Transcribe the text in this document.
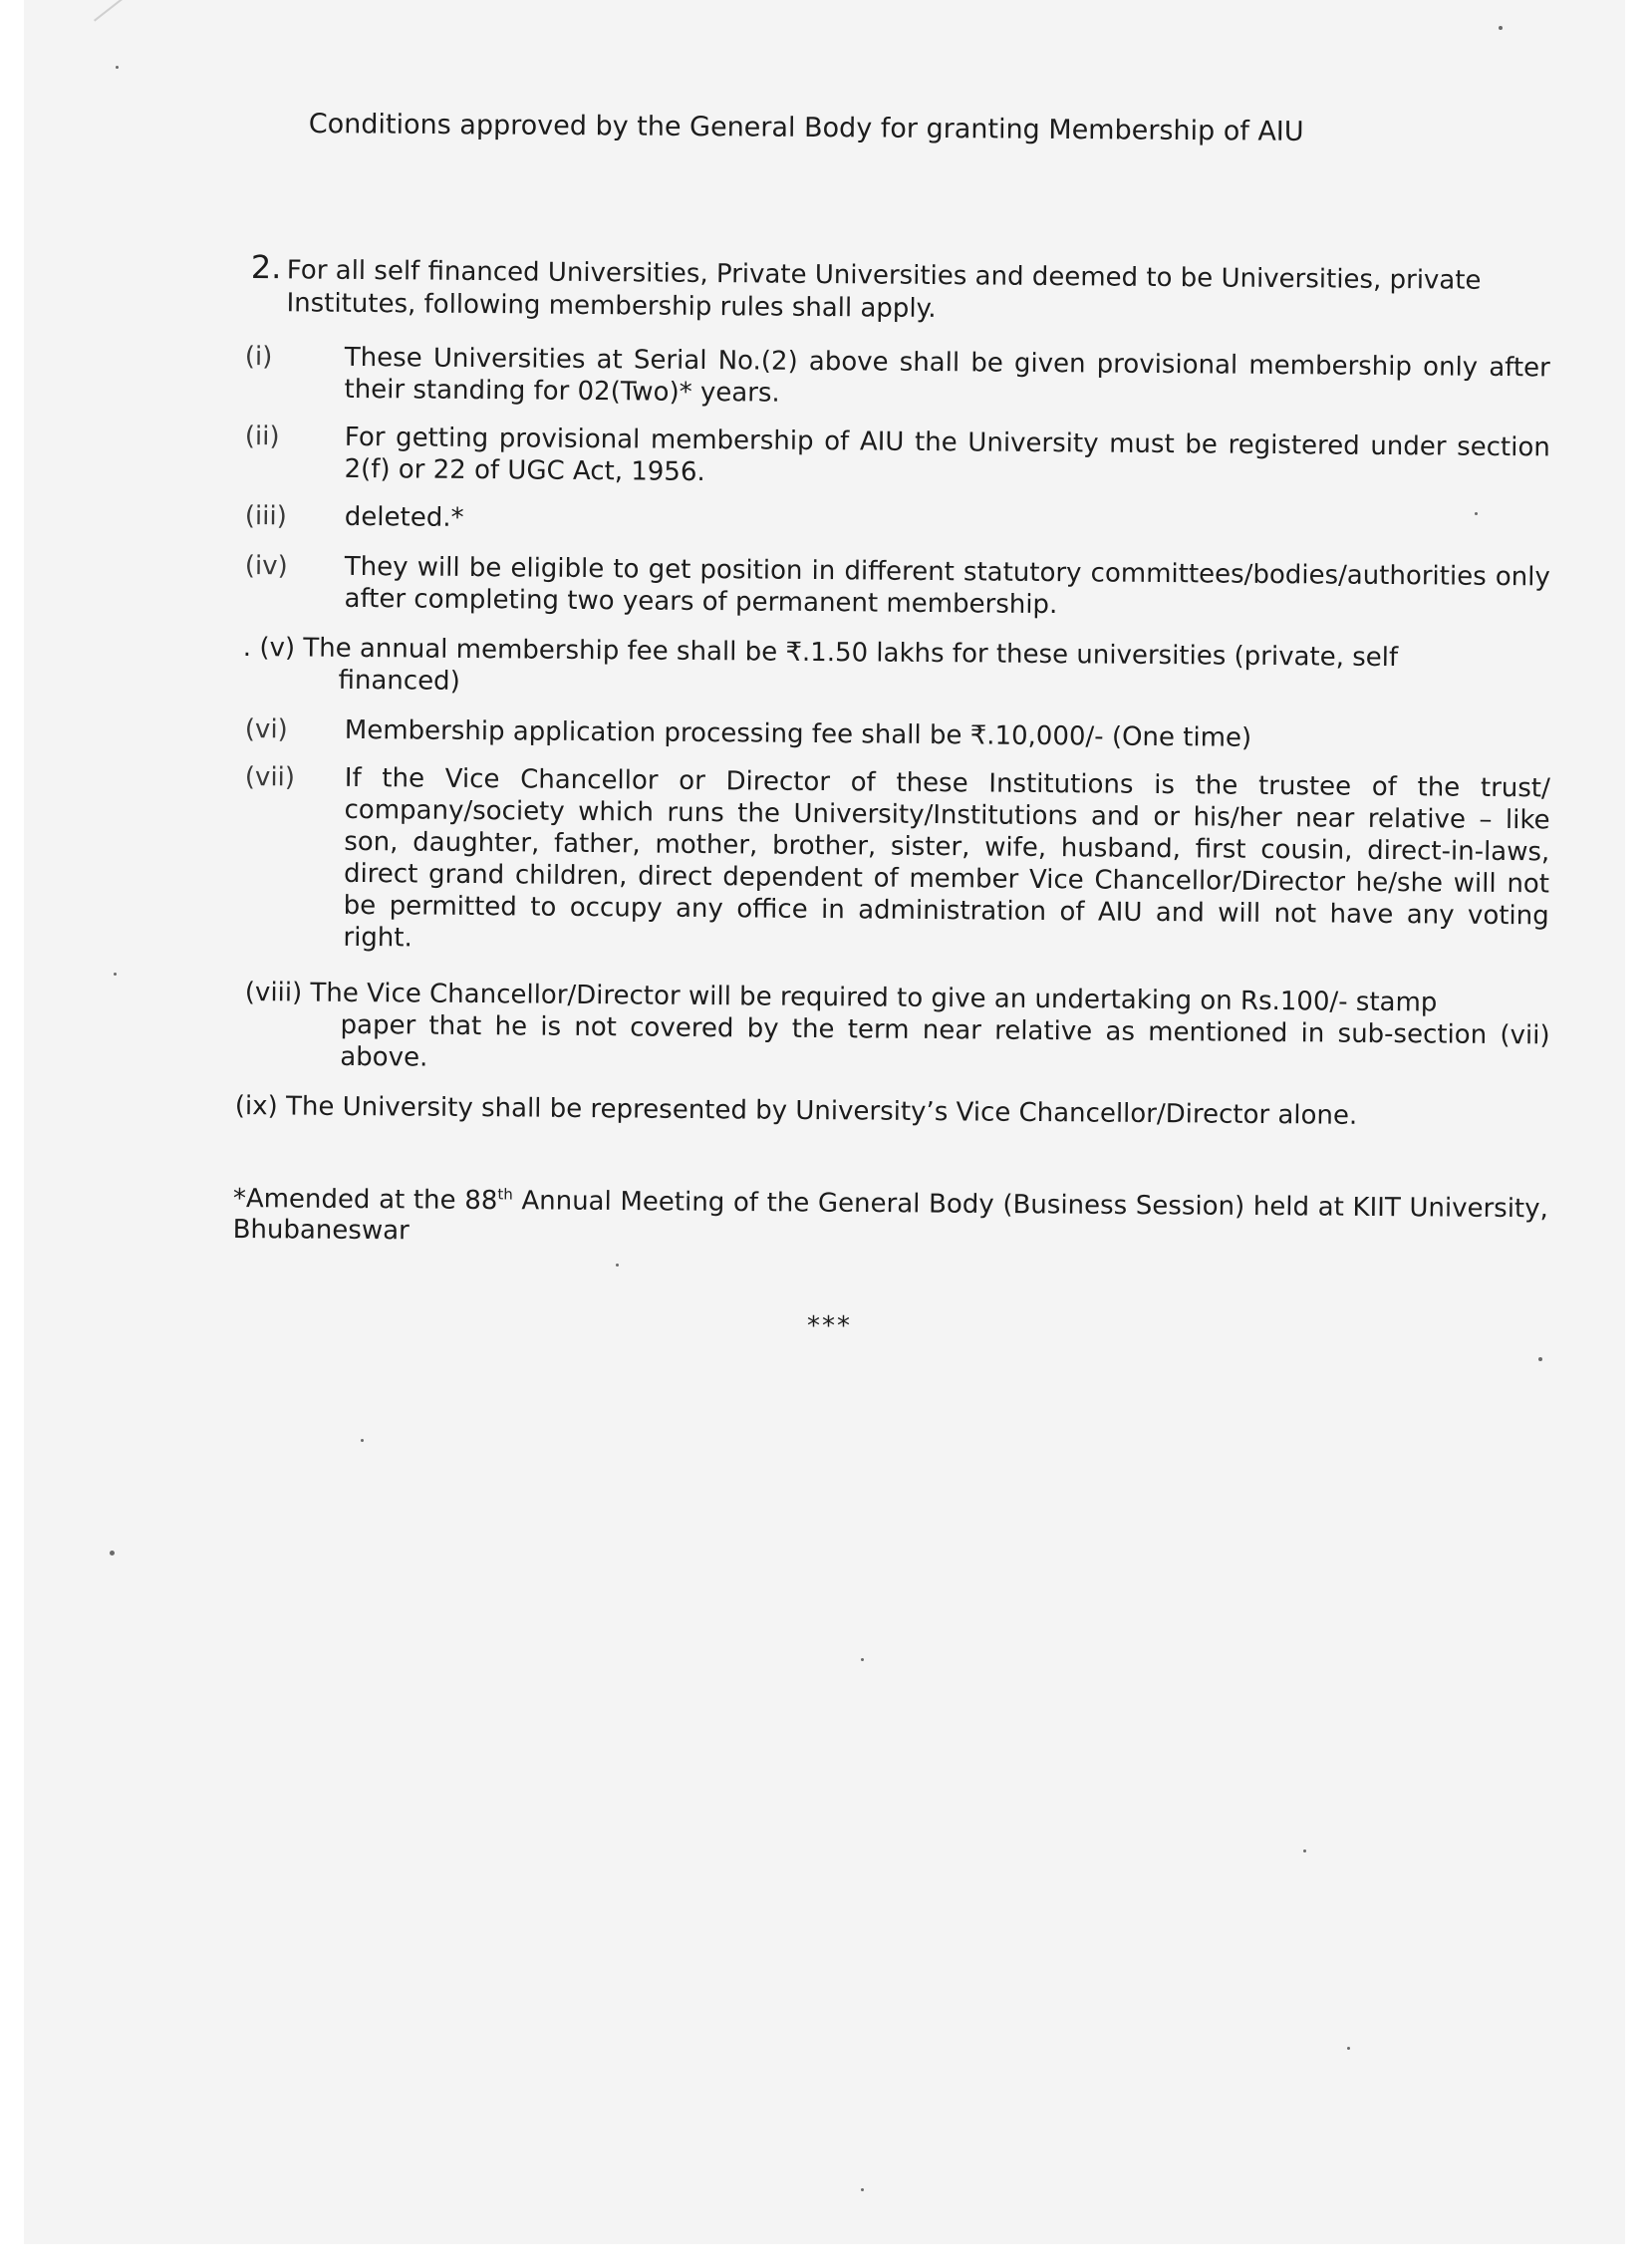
Conditions approved by the General Body for granting Membership of AIU
2. For all self financed Universities, Private Universities and deemed to be Universities, private
Institutes, following membership rules shall apply.
(i)	These Universities at Serial No.(2) above shall be given provisional membership only after their standing for 02(Two)* years.
(ii)	For getting provisional membership of AIU the University must be registered under section 2(f) or 22 of UGC Act, 1956.
(iii) deleted.*
(iv) They will be eligible to get position in different statutory committees/bodies/authorities only after completing two years of permanent membership.
. (v) The annual membership fee shall be ₹.1.50 lakhs for these universities (private, self
financed)
(vi) Membership application processing fee shall be ₹.10,000/- (One time)
(vii) If the Vice Chancellor or Director of these Institutions is the trustee of the trust/ company/society which runs the University/Institutions and or his/her near relative – like son, daughter, father, mother, brother, sister, wife, husband, first cousin, direct-in-laws, direct grand children, direct dependent of member Vice Chancellor/Director he/she will not be permitted to occupy any office in administration of AIU and will not have any voting right.
(viii) The Vice Chancellor/Director will be required to give an undertaking on Rs.100/- stamp
paper that he is not covered by the term near relative as mentioned in sub-section (vii) above.
(ix) The University shall be represented by University’s Vice Chancellor/Director alone.
*Amended at the 88th Annual Meeting of the General Body (Business Session) held at KIIT University, Bhubaneswar
***
